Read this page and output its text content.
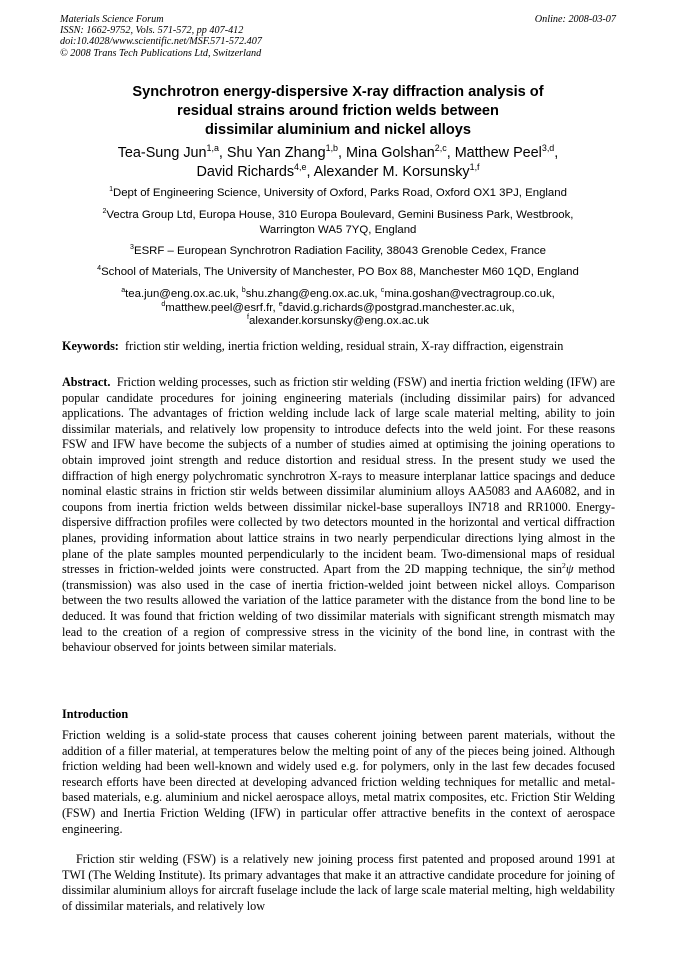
Materials Science Forum
ISSN: 1662-9752, Vols. 571-572, pp 407-412
doi:10.4028/www.scientific.net/MSF.571-572.407
© 2008 Trans Tech Publications Ltd, Switzerland
Online: 2008-03-07
Synchrotron energy-dispersive X-ray diffraction analysis of
residual strains around friction welds between
dissimilar aluminium and nickel alloys
Tea-Sung Jun$^{1,a}$, Shu Yan Zhang$^{1,b}$, Mina Golshan$^{2,c}$, Matthew Peel$^{3,d}$,
David Richards$^{4,e}$, Alexander M. Korsunsky$^{1,f}$
$^1$Dept of Engineering Science, University of Oxford, Parks Road, Oxford OX1 3PJ, England
$^2$Vectra Group Ltd, Europa House, 310 Europa Boulevard, Gemini Business Park, Westbrook,
Warrington WA5 7YQ, England
$^3$ESRF – European Synchrotron Radiation Facility, 38043 Grenoble Cedex, France
$^4$School of Materials, The University of Manchester, PO Box 88, Manchester M60 1QD, England
$^a$tea.jun@eng.ox.ac.uk, $^b$shu.zhang@eng.ox.ac.uk, $^c$mina.goshan@vectragroup.co.uk,
$^d$matthew.peel@esrf.fr, $^e$david.g.richards@postgrad.manchester.ac.uk,
$^f$alexander.korsunsky@eng.ox.ac.uk
Keywords: friction stir welding, inertia friction welding, residual strain, X-ray diffraction, eigenstrain
Abstract. Friction welding processes, such as friction stir welding (FSW) and inertia friction welding (IFW) are popular candidate procedures for joining engineering materials (including dissimilar pairs) for advanced applications. The advantages of friction welding include lack of large scale material melting, ability to join dissimilar materials, and relatively low propensity to introduce defects into the weld joint. For these reasons FSW and IFW have become the subjects of a number of studies aimed at optimising the joining operations to obtain improved joint strength and reduce distortion and residual stress. In the present study we used the diffraction of high energy polychromatic synchrotron X-rays to measure interplanar lattice spacings and deduce nominal elastic strains in friction stir welds between dissimilar aluminium alloys AA5083 and AA6082, and in coupons from inertia friction welds between dissimilar nickel-base superalloys IN718 and RR1000. Energy-dispersive diffraction profiles were collected by two detectors mounted in the horizontal and vertical diffraction planes, providing information about lattice strains in two nearly perpendicular directions lying almost in the plane of the plate samples mounted perpendicularly to the incident beam. Two-dimensional maps of residual stresses in friction-welded joints were constructed. Apart from the 2D mapping technique, the $\sin^2\psi$ method (transmission) was also used in the case of inertia friction-welded joint between nickel alloys. Comparison between the two results allowed the variation of the lattice parameter with the distance from the bond line to be deduced. It was found that friction welding of two dissimilar materials with significant strength mismatch may lead to the creation of a region of compressive stress in the vicinity of the bond line, in contrast with the behaviour observed for joints between similar materials.
Introduction
Friction welding is a solid-state process that causes coherent joining between parent materials, without the addition of a filler material, at temperatures below the melting point of any of the pieces being joined. Although friction welding had been well-known and widely used e.g. for polymers, only in the last few decades focused research efforts have been directed at developing advanced friction welding techniques for metallic and metal-based materials, e.g. aluminium and nickel aerospace alloys, metal matrix composites, etc. Friction Stir Welding (FSW) and Inertia Friction Welding (IFW) in particular offer attractive benefits in the context of aerospace engineering.
Friction stir welding (FSW) is a relatively new joining process first patented and proposed around 1991 at TWI (The Welding Institute). Its primary advantages that make it an attractive candidate procedure for joining of dissimilar aluminium alloys for aircraft fuselage include the lack of large scale material melting, high weldability of dissimilar materials, and relatively low
